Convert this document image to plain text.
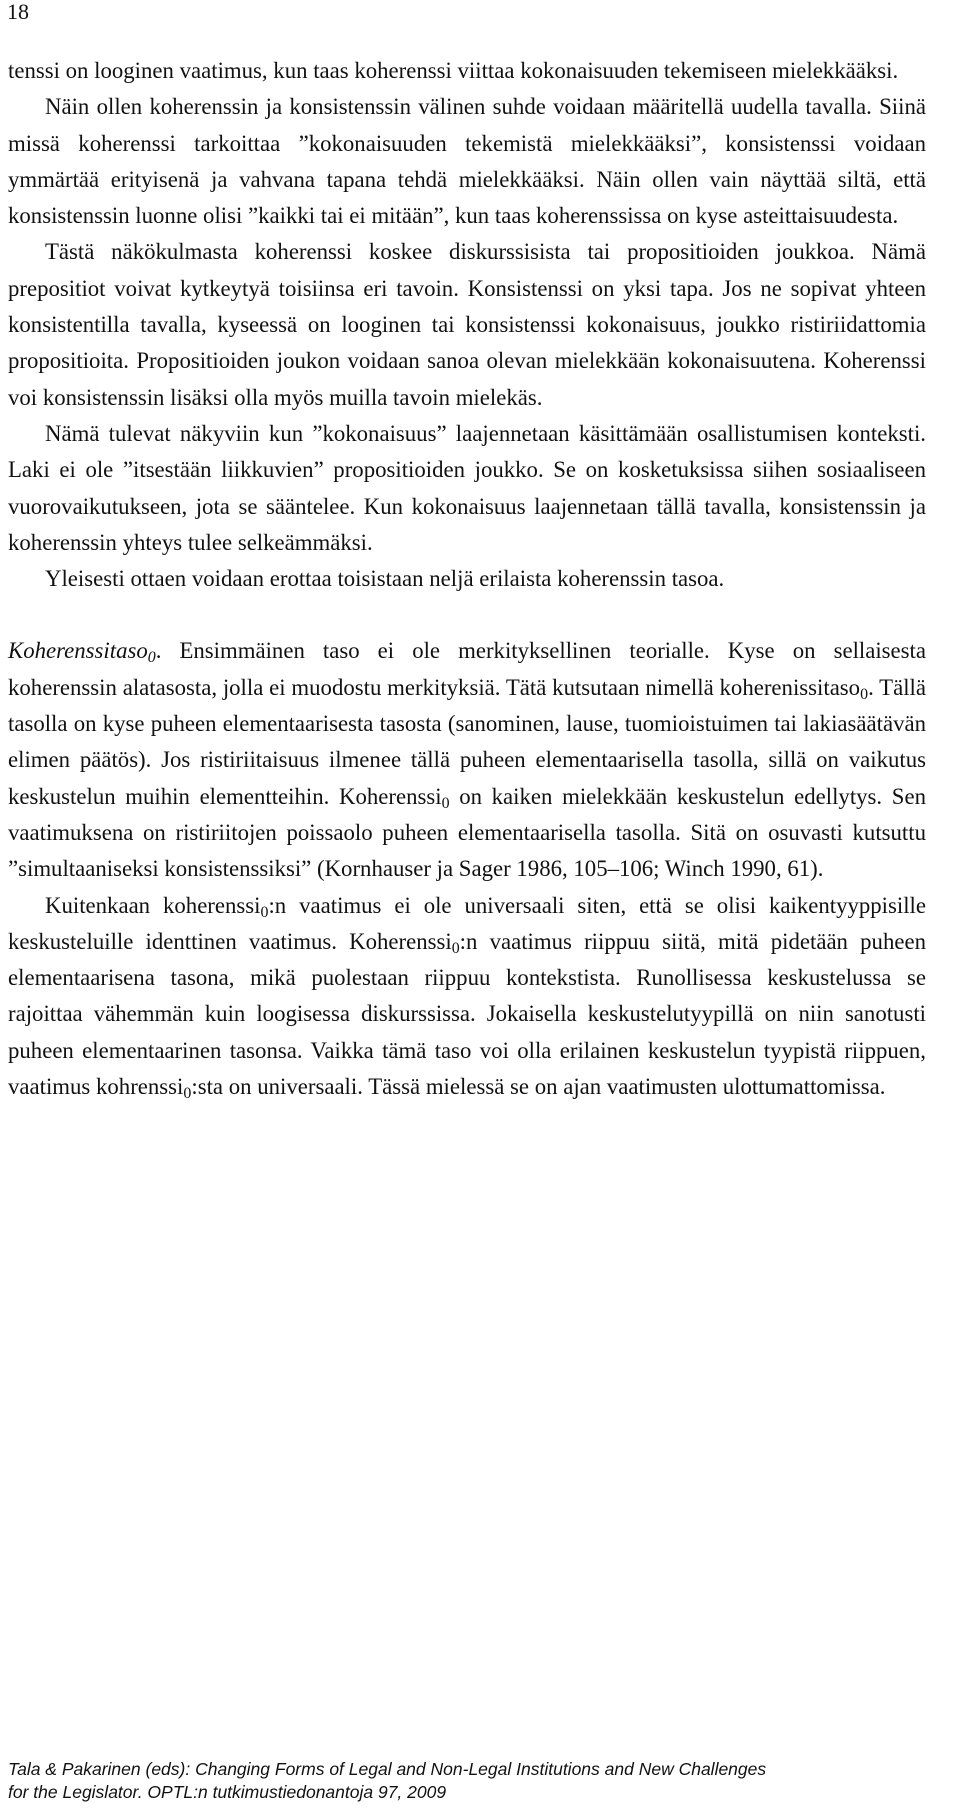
18

tenssi on looginen vaatimus, kun taas koherenssi viittaa kokonaisuuden tekemiseen mielekkääksi.

Näin ollen koherenssin ja konsistenssin välinen suhde voidaan määritellä uudella tavalla. Siinä missä koherenssi tarkoittaa ”kokonaisuuden tekemistä mielekkääksi”, konsistenssi voidaan ymmärtää erityisenä ja vahvana tapana tehdä mielekkääksi. Näin ollen vain näyttää siltä, että konsistenssin luonne olisi ”kaikki tai ei mitään”, kun taas koherenssissa on kyse asteittaisuudesta.

Tästä näkökulmasta koherenssi koskee diskurssisista tai propositioiden joukkoa. Nämä prepositiot voivat kytkeytyä toisiinsa eri tavoin. Konsistenssi on yksi tapa. Jos ne sopivat yhteen konsistentilla tavalla, kyseessä on looginen tai konsistenssi kokonaisuus, joukko ristiriidattomia propositioita. Propositioiden joukon voidaan sanoa olevan mielekkään kokonaisuutena. Koherenssi voi konsistenssin lisäksi olla myös muilla tavoin mielekäs.

Nämä tulevat näkyviin kun ”kokonaisuus” laajennetaan käsittämään osallistumisen konteksti. Laki ei ole ”itsestään liikkuvien” propositioiden joukko. Se on kosketuksissa siihen sosiaaliseen vuorovaikutukseen, jota se sääntelee. Kun kokonaisuus laajennetaan tällä tavalla, konsistenssin ja koherenssin yhteys tulee selkeämmäksi.

Yleisesti ottaen voidaan erottaa toisistaan neljä erilaista koherenssin tasoa.

Koherenssitaso$_0$. Ensimmäinen taso ei ole merkityksellinen teorialle. Kyse on sellaisesta koherenssin alatasosta, jolla ei muodostu merkityksiä. Tätä kutsutaan nimellä koherenissitaso$_0$. Tällä tasolla on kyse puheen elementaarisesta tasosta (sanominen, lause, tuomioistuimen tai lakiasäätävän elimen päätös). Jos ristiriitaisuus ilmenee tällä puheen elementaarisella tasolla, sillä on vaikutus keskustelun muihin elementteihin. Koherenssi$_0$ on kaiken mielekkään keskustelun edellytys. Sen vaatimuksena on ristiriitojen poissaolo puheen elementaarisella tasolla. Sitä on osuvasti kutsuttu ”simultaaniseksi konsistenssiksi” (Kornhauser ja Sager 1986, 105–106; Winch 1990, 61).

Kuitenkaan koherenssi$_0$:n vaatimus ei ole universaali siten, että se olisi kaikentyyppisille keskusteluille identtinen vaatimus. Koherenssi$_0$:n vaatimus riippuu siitä, mitä pidetään puheen elementaarisena tasona, mikä puolestaan riippuu kontekstista. Runollisessa keskustelussa se rajoittaa vähemmän kuin loogisessa diskurssissa. Jokaisella keskustelutyypillä on niin sanotusti puheen elementaarinen tasonsa. Vaikka tämä taso voi olla erilainen keskustelun tyypistä riippuen, vaatimus kohrenssi$_0$:sta on universaali. Tässä mielessä se on ajan vaatimusten ulottumattomissa.

Tala & Pakarinen (eds): Changing Forms of Legal and Non-Legal Institutions and New Challenges
for the Legislator. OPTL:n tutkimustiedonantoja 97, 2009
